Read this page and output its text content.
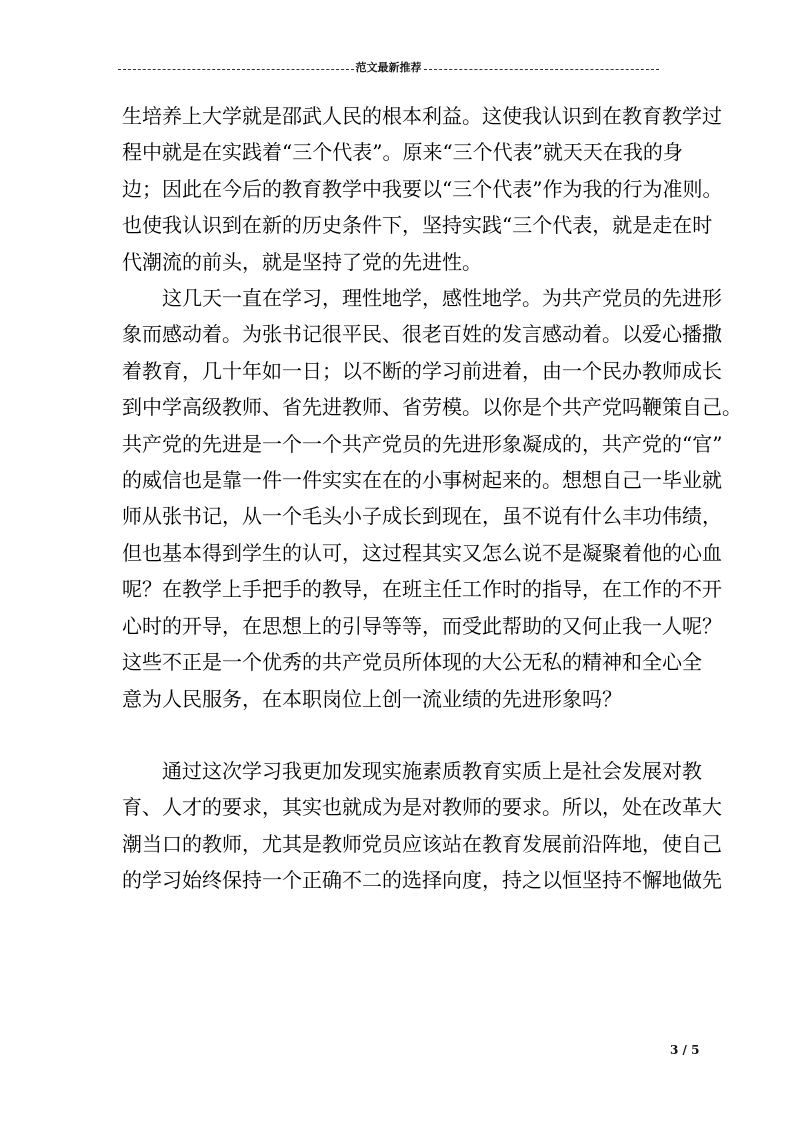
范文最新推荐

生培养上大学就是邵武人民的根本利益。这使我认识到在教育教学过
程中就是在实践着“三个代表”。原来“三个代表”就天天在我的身
边；因此在今后的教育教学中我要以“三个代表”作为我的行为准则。
也使我认识到在新的历史条件下，坚持实践“三个代表，就是走在时
代潮流的前头，就是坚持了党的先进性。

　　这几天一直在学习，理性地学，感性地学。为共产党员的先进形
象而感动着。为张书记很平民、很老百姓的发言感动着。以爱心播撒
着教育，几十年如一日；以不断的学习前进着，由一个民办教师成长
到中学高级教师、省先进教师、省劳模。以你是个共产党吗鞭策自己。
共产党的先进是一个一个共产党员的先进形象凝成的，共产党的“官”
的威信也是靠一件一件实实在在的小事树起来的。想想自己一毕业就
师从张书记，从一个毛头小子成长到现在，虽不说有什么丰功伟绩，
但也基本得到学生的认可，这过程其实又怎么说不是凝聚着他的心血
呢？在教学上手把手的教导，在班主任工作时的指导，在工作的不开
心时的开导，在思想上的引导等等，而受此帮助的又何止我一人呢？
这些不正是一个优秀的共产党员所体现的大公无私的精神和全心全
意为人民服务，在本职岗位上创一流业绩的先进形象吗？

　　通过这次学习我更加发现实施素质教育实质上是社会发展对教
育、人才的要求，其实也就成为是对教师的要求。所以，处在改革大
潮当口的教师，尤其是教师党员应该站在教育发展前沿阵地，使自己
的学习始终保持一个正确不二的选择向度，持之以恒坚持不懈地做先

3 / 5
